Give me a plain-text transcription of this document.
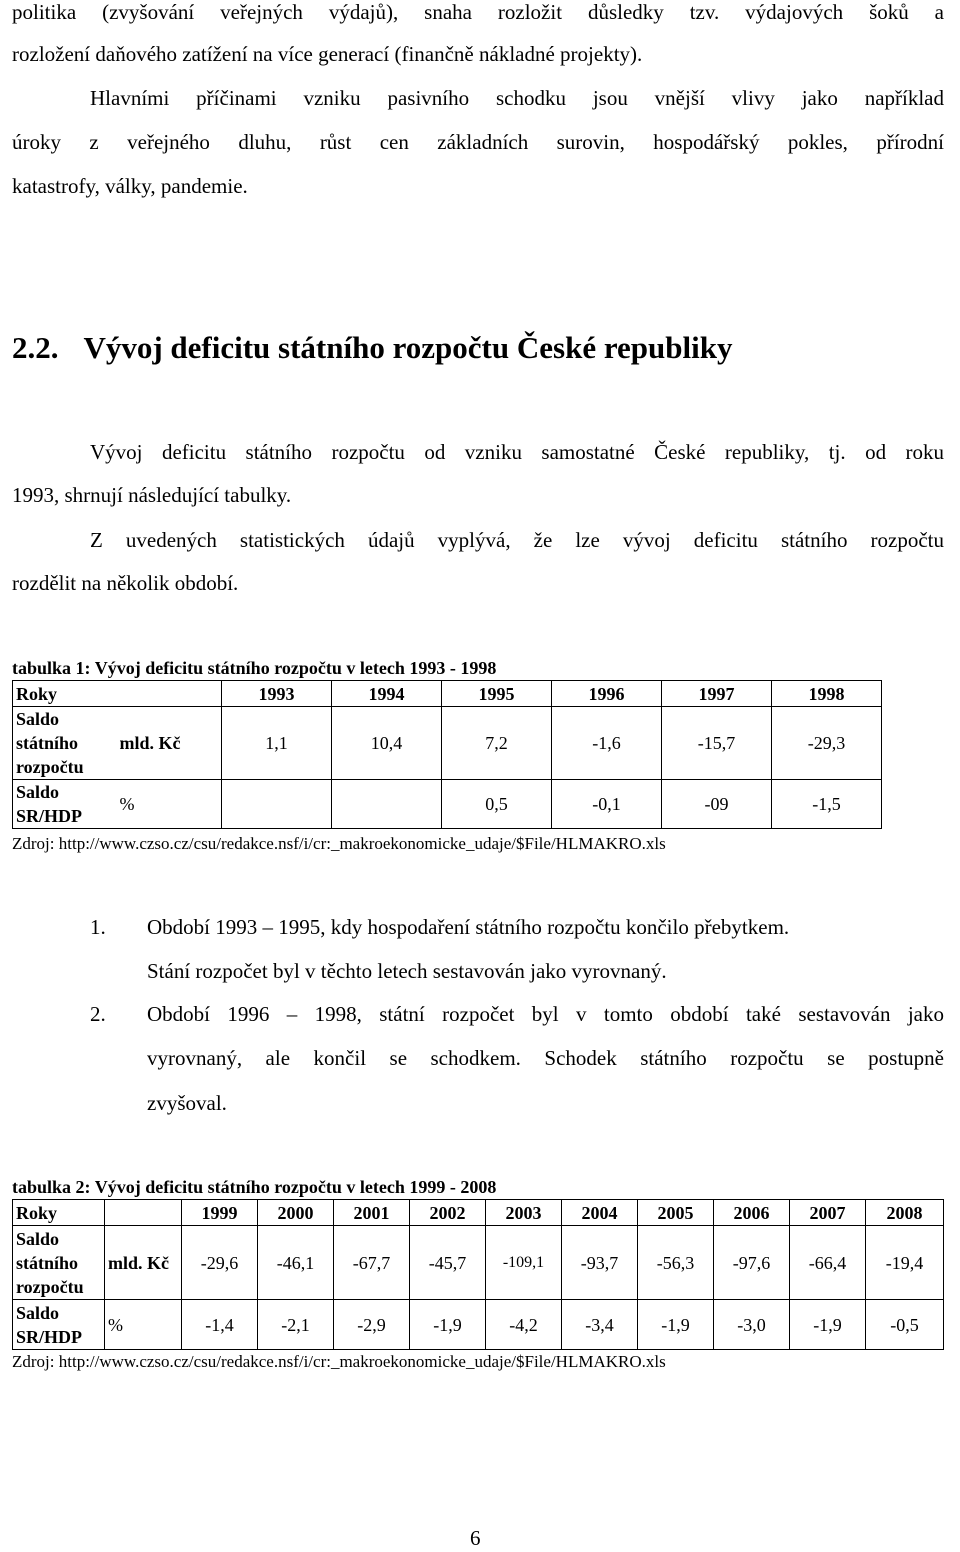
politika (zvyšování veřejných výdajů), snaha rozložit důsledky tzv. výdajových šoků a
rozložení daňového zatížení na více generací (finančně nákladné projekty).
Hlavními příčinami vzniku pasivního schodku jsou vnější vlivy jako například
úroky z veřejného dluhu, růst cen základních surovin, hospodářský pokles, přírodní
katastrofy, války, pandemie.
2.2. Vývoj deficitu státního rozpočtu České republiky
Vývoj deficitu státního rozpočtu od vzniku samostatné České republiky, tj. od roku
1993, shrnují následující tabulky.
Z uvedených statistických údajů vyplývá, že lze vývoj deficitu státního rozpočtu
rozdělit na několik období.
tabulka 1: Vývoj deficitu státního rozpočtu v letech 1993 - 1998
Roky		1993	1994	1995	1996	1997	1998
Saldo státního rozpočtu	mld. Kč	1,1	10,4	7,2	-1,6	-15,7	-29,3
Saldo SR/HDP	%			0,5	-0,1	-09	-1,5
Zdroj: http://www.czso.cz/csu/redakce.nsf/i/cr:_makroekonomicke_udaje/$File/HLMAKRO.xls
1. Období 1993 – 1995, kdy hospodaření státního rozpočtu končilo přebytkem.
Stání rozpočet byl v těchto letech sestavován jako vyrovnaný.
2. Období 1996 – 1998, státní rozpočet byl v tomto období také sestavován jako
vyrovnaný, ale končil se schodkem. Schodek státního rozpočtu se postupně
zvyšoval.
tabulka 2: Vývoj deficitu státního rozpočtu v letech 1999 - 2008
Roky		1999	2000	2001	2002	2003	2004	2005	2006	2007	2008
Saldo státního rozpočtu	mld. Kč	-29,6	-46,1	-67,7	-45,7	-109,1	-93,7	-56,3	-97,6	-66,4	-19,4
Saldo SR/HDP	%	-1,4	-2,1	-2,9	-1,9	-4,2	-3,4	-1,9	-3,0	-1,9	-0,5
Zdroj: http://www.czso.cz/csu/redakce.nsf/i/cr:_makroekonomicke_udaje/$File/HLMAKRO.xls
6
